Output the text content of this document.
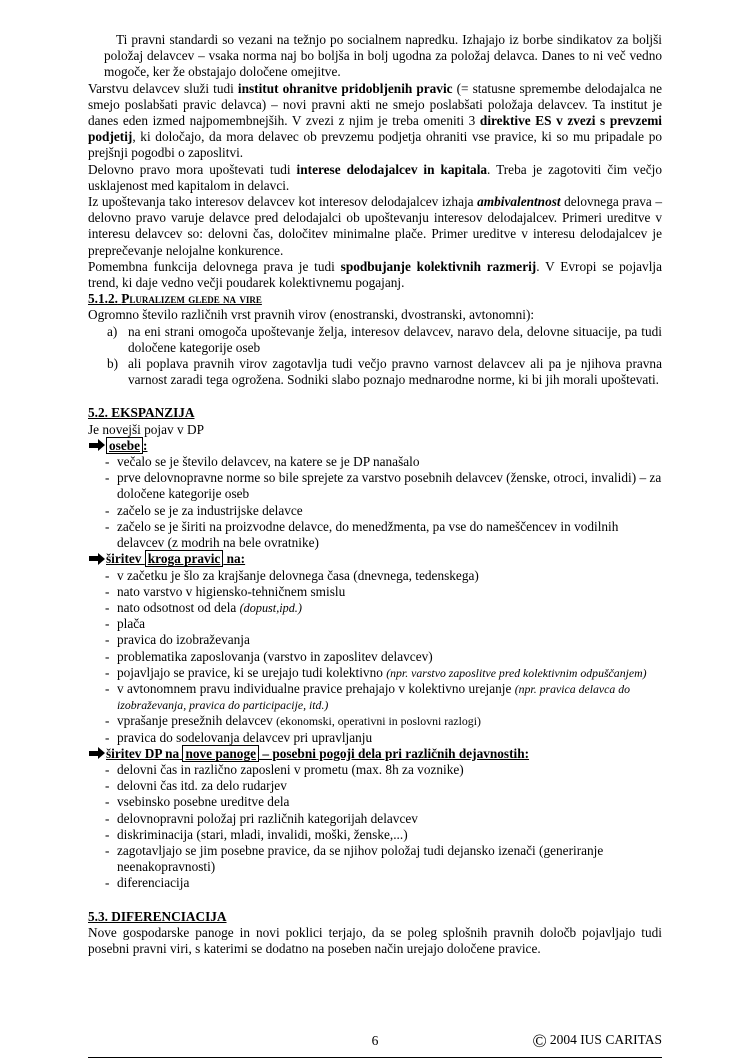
Ti pravni standardi so vezani na težnjo po socialnem napredku. Izhajajo iz borbe sindikatov za boljši položaj delavcev – vsaka norma naj bo boljša in bolj ugodna za položaj delavca. Danes to ni več vedno mogoče, ker že obstajajo določene omejitve.

Varstvu delavcev služi tudi institut ohranitve pridobljenih pravic (= statusne spremembe delodajalca ne smejo poslabšati pravic delavca) – novi pravni akti ne smejo poslabšati položaja delavcev. Ta institut je danes eden izmed najpomembnejših. V zvezi z njim je treba omeniti 3 direktive ES v zvezi s prevzemi podjetij, ki določajo, da mora delavec ob prevzemu podjetja ohraniti vse pravice, ki so mu pripadale po prejšnji pogodbi o zaposlitvi.

Delovno pravo mora upoštevati tudi interese delodajalcev in kapitala. Treba je zagotoviti čim večjo usklajenost med kapitalom in delavci.

Iz upoštevanja tako interesov delavcev kot interesov delodajalcev izhaja ambivalentnost delovnega prava – delovno pravo varuje delavce pred delodajalci ob upoštevanju interesov delodajalcev. Primeri ureditve v interesu delavcev so: delovni čas, določitev minimalne plače. Primer ureditve v interesu delodajalcev je preprečevanje nelojalne konkurence.

Pomembna funkcija delovnega prava je tudi spodbujanje kolektivnih razmerij. V Evropi se pojavlja trend, ki daje vedno večji poudarek kolektivnemu pogajanj.

5.1.2. Pluralizem glede na vire

Ogromno število različnih vrst pravnih virov (enostranski, dvostranski, avtonomni):

a) na eni strani omogoča upoštevanje želja, interesov delavcev, naravo dela, delovne situacije, pa tudi določene kategorije oseb
b) ali poplava pravnih virov zagotavlja tudi večjo pravno varnost delavcev ali pa je njihova pravna varnost zaradi tega ogrožena. Sodniki slabo poznajo mednarodne norme, ki bi jih morali upoštevati.
5.2. EKSPANZIJA

Je novejši pojav v DP

osebe :
- večalo se je število delavcev, na katere se je DP nanašalo
- prve delovnopravne norme so bile sprejete za varstvo posebnih delavcev (ženske, otroci, invalidi) – za določene kategorije oseb
- začelo se je za industrijske delavce
- začelo se je širiti na proizvodne delavce, do menedžmenta, pa vse do nameščencev in vodilnih delavcev (z modrih na bele ovratnike)
širitev kroga pravic na:
- v začetku je šlo za krajšanje delovnega časa (dnevnega, tedenskega)
- nato varstvo v higiensko-tehničnem smislu
- nato odsotnost od dela (dopust,ipd.)
- plača
- pravica do izobraževanja
- problematika zaposlovanja (varstvo in zaposlitev delavcev)
- pojavljajo se pravice, ki se urejajo tudi kolektivno (npr. varstvo zaposlitve pred kolektivnim odpuščanjem)
- v avtonomnem pravu individualne pravice prehajajo v kolektivno urejanje (npr. pravica delavca do izobraževanja, pravica do participacije, itd.)
- vprašanje presežnih delavcev (ekonomski, operativni in poslovni razlogi)
- pravica do sodelovanja delavcev pri upravljanju
širitev DP na nove panoge – posebni pogoji dela pri različnih dejavnostih:
- delovni čas in različno zaposleni v prometu (max. 8h za voznike)
- delovni čas itd. za delo rudarjev
- vsebinsko posebne ureditve dela
- delovnopravni položaj pri različnih kategorijah delavcev
- diskriminacija (stari, mladi, invalidi, moški, ženske,...)
- zagotavljajo se jim posebne pravice, da se njihov položaj tudi dejansko izenači (generiranje neenakopravnosti)
- diferenciacija
5.3. DIFERENCIACIJA

Nove gospodarske panoge in novi poklici terjajo, da se poleg splošnih pravnih določb pojavljajo tudi posebni pravni viri, s katerimi se dodatno na poseben način urejajo določene pravice.

6	© 2004 IUS CARITAS
